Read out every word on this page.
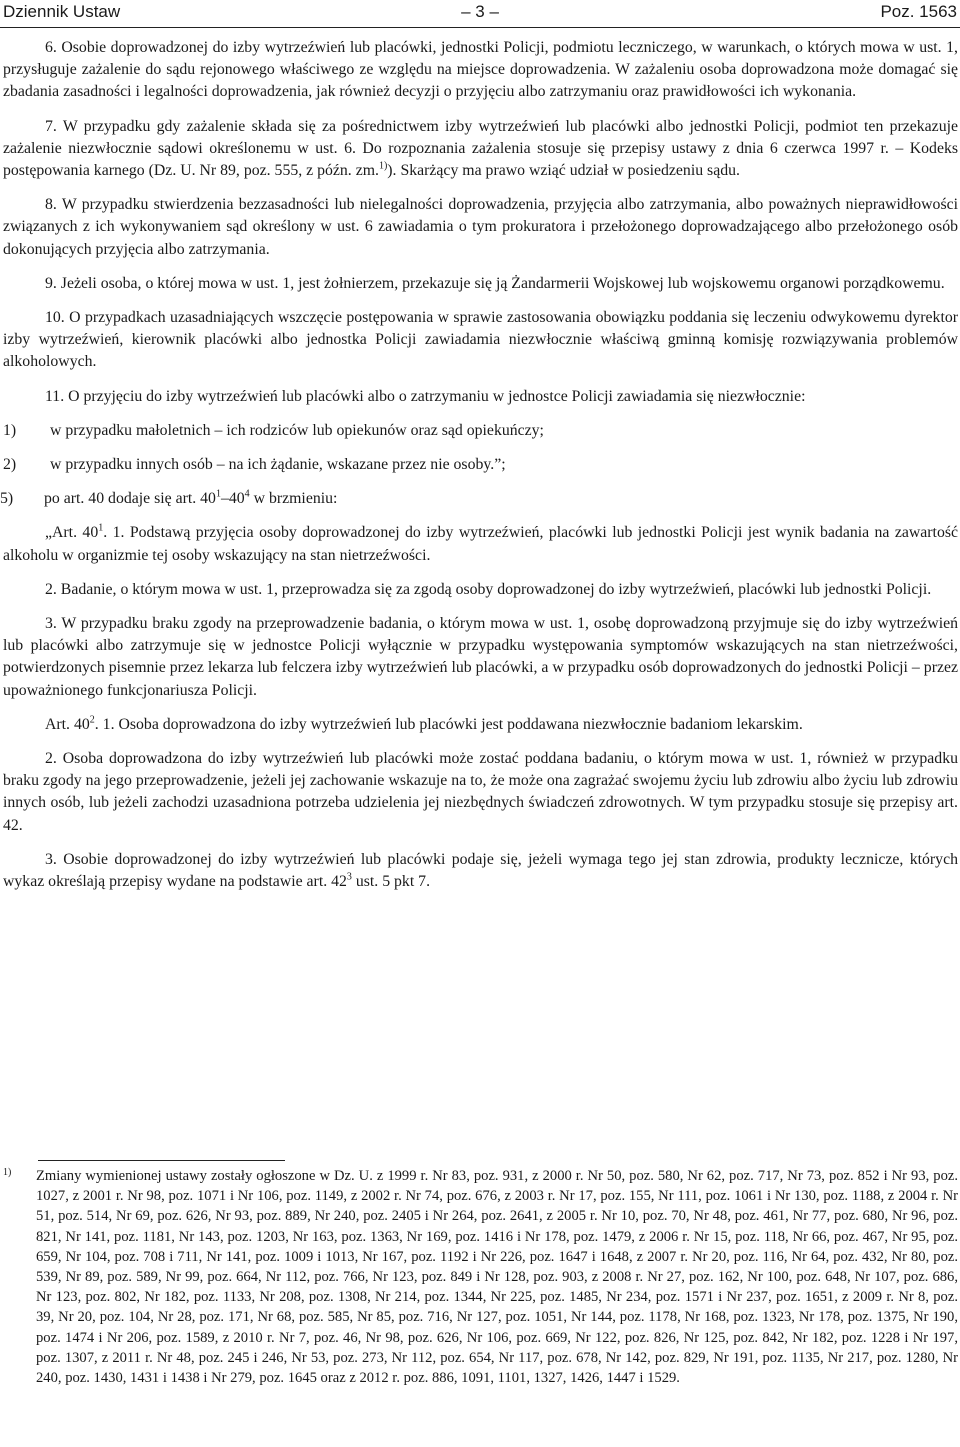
Dziennik Ustaw	– 3 –	Poz. 1563

6. Osobie doprowadzonej do izby wytrzeźwień lub placówki, jednostki Policji, podmiotu leczniczego, w warunkach, o których mowa w ust. 1, przysługuje zażalenie do sądu rejonowego właściwego ze względu na miejsce doprowadzenia. W zażaleniu osoba doprowadzona może domagać się zbadania zasadności i legalności doprowadzenia, jak również decyzji o przyjęciu albo zatrzymaniu oraz prawidłowości ich wykonania.

7. W przypadku gdy zażalenie składa się za pośrednictwem izby wytrzeźwień lub placówki albo jednostki Policji, podmiot ten przekazuje zażalenie niezwłocznie sądowi określonemu w ust. 6. Do rozpoznania zażalenia stosuje się przepisy ustawy z dnia 6 czerwca 1997 r. – Kodeks postępowania karnego (Dz. U. Nr 89, poz. 555, z późn. zm.$^{1)}$). Skarżący ma prawo wziąć udział w posiedzeniu sądu.

8. W przypadku stwierdzenia bezzasadności lub nielegalności doprowadzenia, przyjęcia albo zatrzymania, albo poważnych nieprawidłowości związanych z ich wykonywaniem sąd określony w ust. 6 zawiadamia o tym prokuratora i przełożonego doprowadzającego albo przełożonego osób dokonujących przyjęcia albo zatrzymania.

9. Jeżeli osoba, o której mowa w ust. 1, jest żołnierzem, przekazuje się ją Żandarmerii Wojskowej lub wojskowemu organowi porządkowemu.

10. O przypadkach uzasadniających wszczęcie postępowania w sprawie zastosowania obowiązku poddania się leczeniu odwykowemu dyrektor izby wytrzeźwień, kierownik placówki albo jednostka Policji zawiadamia niezwłocznie właściwą gminną komisję rozwiązywania problemów alkoholowych.

11. O przyjęciu do izby wytrzeźwień lub placówki albo o zatrzymaniu w jednostce Policji zawiadamia się niezwłocznie:

1)	w przypadku małoletnich – ich rodziców lub opiekunów oraz sąd opiekuńczy;
2)	w przypadku innych osób – na ich żądanie, wskazane przez nie osoby.”;
5)	po art. 40 dodaje się art. $40^1-40^4$ w brzmieniu:

„Art. $40^1$. 1. Podstawą przyjęcia osoby doprowadzonej do izby wytrzeźwień, placówki lub jednostki Policji jest wynik badania na zawartość alkoholu w organizmie tej osoby wskazujący na stan nietrzeźwości.

2. Badanie, o którym mowa w ust. 1, przeprowadza się za zgodą osoby doprowadzonej do izby wytrzeźwień, placówki lub jednostki Policji.

3. W przypadku braku zgody na przeprowadzenie badania, o którym mowa w ust. 1, osobę doprowadzoną przyjmuje się do izby wytrzeźwień lub placówki albo zatrzymuje się w jednostce Policji wyłącznie w przypadku występowania symptomów wskazujących na stan nietrzeźwości, potwierdzonych pisemnie przez lekarza lub felczera izby wytrzeźwień lub placówki, a w przypadku osób doprowadzonych do jednostki Policji – przez upoważnionego funkcjonariusza Policji.

Art. $40^2$. 1. Osoba doprowadzona do izby wytrzeźwień lub placówki jest poddawana niezwłocznie badaniom lekarskim.

2. Osoba doprowadzona do izby wytrzeźwień lub placówki może zostać poddana badaniu, o którym mowa w ust. 1, również w przypadku braku zgody na jego przeprowadzenie, jeżeli jej zachowanie wskazuje na to, że może ona zagrażać swojemu życiu lub zdrowiu albo życiu lub zdrowiu innych osób, lub jeżeli zachodzi uzasadniona potrzeba udzielenia jej niezbędnych świadczeń zdrowotnych. W tym przypadku stosuje się przepisy art. 42.

3. Osobie doprowadzonej do izby wytrzeźwień lub placówki podaje się, jeżeli wymaga tego jej stan zdrowia, produkty lecznicze, których wykaz określają przepisy wydane na podstawie art. $42^3$ ust. 5 pkt 7.

1)	Zmiany wymienionej ustawy zostały ogłoszone w Dz. U. z 1999 r. Nr 83, poz. 931, z 2000 r. Nr 50, poz. 580, Nr 62, poz. 717, Nr 73, poz. 852 i Nr 93, poz. 1027, z 2001 r. Nr 98, poz. 1071 i Nr 106, poz. 1149, z 2002 r. Nr 74, poz. 676, z 2003 r. Nr 17, poz. 155, Nr 111, poz. 1061 i Nr 130, poz. 1188, z 2004 r. Nr 51, poz. 514, Nr 69, poz. 626, Nr 93, poz. 889, Nr 240, poz. 2405 i Nr 264, poz. 2641, z 2005 r. Nr 10, poz. 70, Nr 48, poz. 461, Nr 77, poz. 680, Nr 96, poz. 821, Nr 141, poz. 1181, Nr 143, poz. 1203, Nr 163, poz. 1363, Nr 169, poz. 1416 i Nr 178, poz. 1479, z 2006 r. Nr 15, poz. 118, Nr 66, poz. 467, Nr 95, poz. 659, Nr 104, poz. 708 i 711, Nr 141, poz. 1009 i 1013, Nr 167, poz. 1192 i Nr 226, poz. 1647 i 1648, z 2007 r. Nr 20, poz. 116, Nr 64, poz. 432, Nr 80, poz. 539, Nr 89, poz. 589, Nr 99, poz. 664, Nr 112, poz. 766, Nr 123, poz. 849 i Nr 128, poz. 903, z 2008 r. Nr 27, poz. 162, Nr 100, poz. 648, Nr 107, poz. 686, Nr 123, poz. 802, Nr 182, poz. 1133, Nr 208, poz. 1308, Nr 214, poz. 1344, Nr 225, poz. 1485, Nr 234, poz. 1571 i Nr 237, poz. 1651, z 2009 r. Nr 8, poz. 39, Nr 20, poz. 104, Nr 28, poz. 171, Nr 68, poz. 585, Nr 85, poz. 716, Nr 127, poz. 1051, Nr 144, poz. 1178, Nr 168, poz. 1323, Nr 178, poz. 1375, Nr 190, poz. 1474 i Nr 206, poz. 1589, z 2010 r. Nr 7, poz. 46, Nr 98, poz. 626, Nr 106, poz. 669, Nr 122, poz. 826, Nr 125, poz. 842, Nr 182, poz. 1228 i Nr 197, poz. 1307, z 2011 r. Nr 48, poz. 245 i 246, Nr 53, poz. 273, Nr 112, poz. 654, Nr 117, poz. 678, Nr 142, poz. 829, Nr 191, poz. 1135, Nr 217, poz. 1280, Nr 240, poz. 1430, 1431 i 1438 i Nr 279, poz. 1645 oraz z 2012 r. poz. 886, 1091, 1101, 1327, 1426, 1447 i 1529.
